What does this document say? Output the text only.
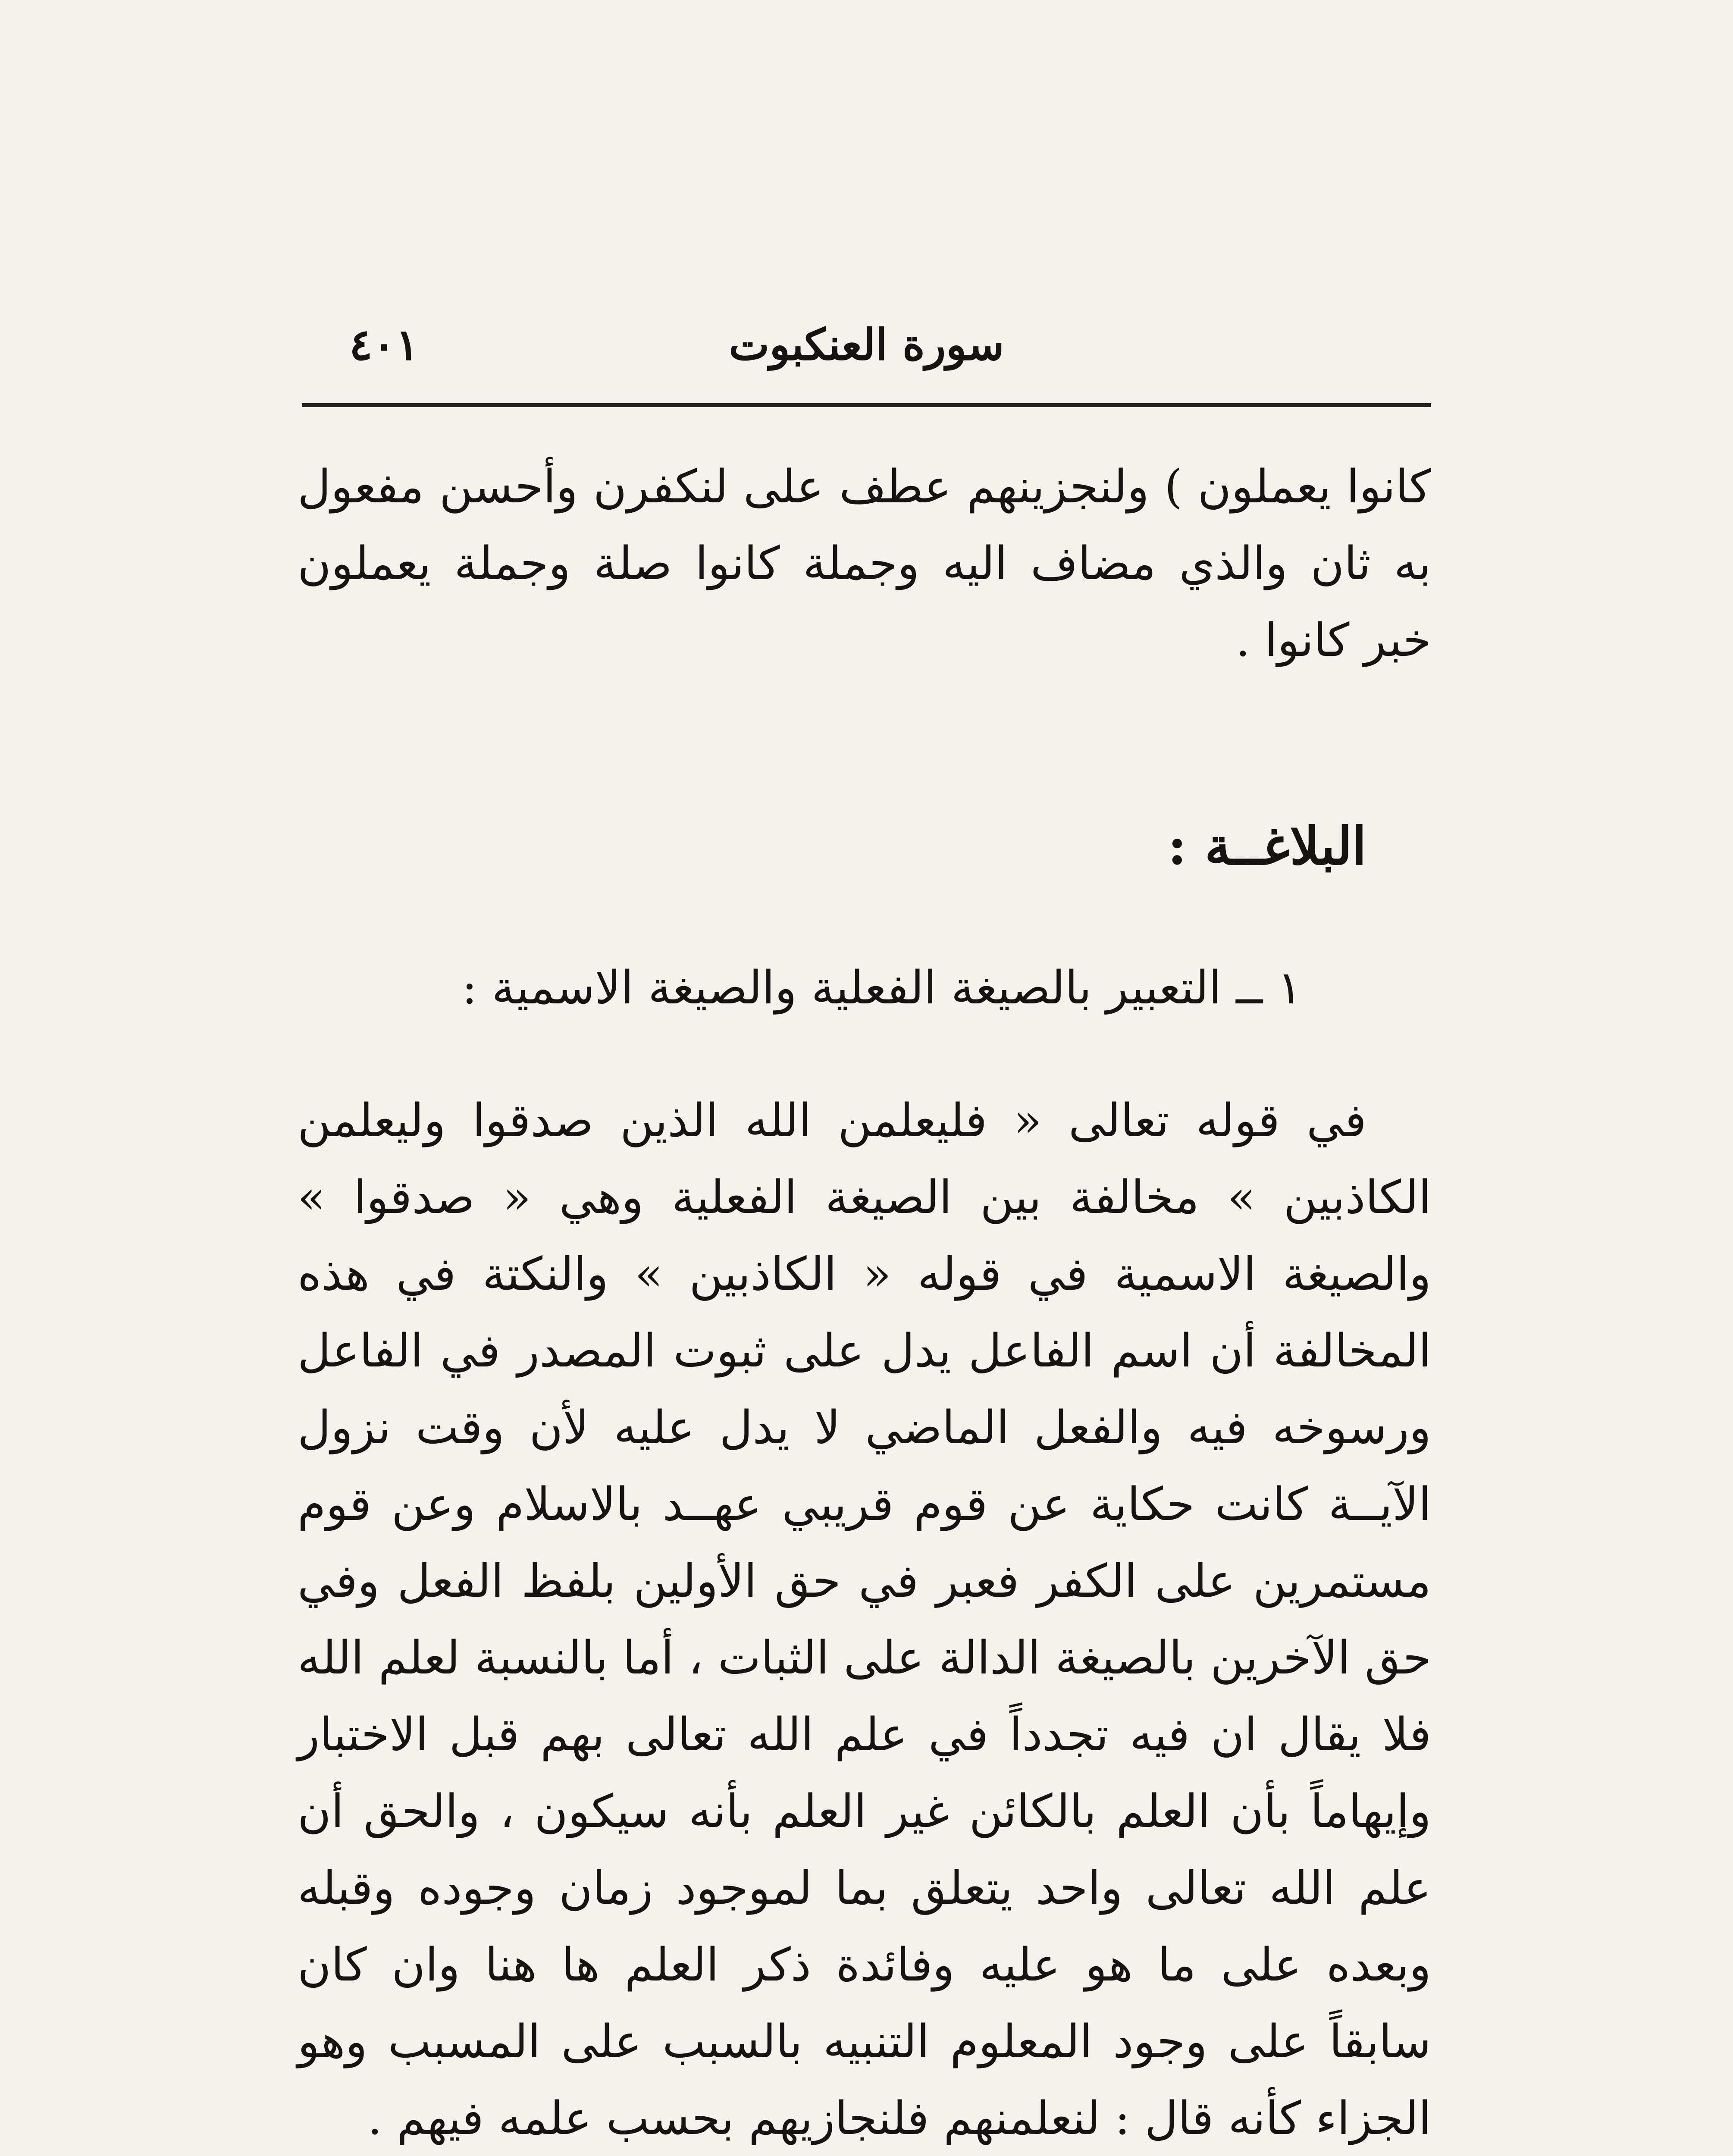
٤٠١	سورة العنكبوت

كانوا يعملون ) ولنجزينهم عطف على لنكفرن وأحسن مفعول به ثان والذي مضاف اليه وجملة كانوا صلة وجملة يعملون خبر كانوا .

البلاغــة :

١ ــ التعبير بالصيغة الفعلية والصيغة الاسمية :

في قوله تعالى « فليعلمن الله الذين صدقوا وليعلمن الكاذبين » مخالفة بين الصيغة الفعلية وهي « صدقوا » والصيغة الاسمية في قوله « الكاذبين » والنكتة في هذه المخالفة أن اسم الفاعل يدل على ثبوت المصدر في الفاعل ورسوخه فيه والفعل الماضي لا يدل عليه لأن وقت نزول الآيــة كانت حكاية عن قوم قريبي عهــد بالاسلام وعن قوم مستمرين على الكفر فعبر في حق الأولين بلفظ الفعل وفي حق الآخرين بالصيغة الدالة على الثبات ، أما بالنسبة لعلم الله فلا يقال ان فيه تجدداً في علم الله تعالى بهم قبل الاختبار وإيهاماً بأن العلم بالكائن غير العلم بأنه سيكون ، والحق أن علم الله تعالى واحد يتعلق بما لموجود زمان وجوده وقبله وبعده على ما هو عليه وفائدة ذكر العلم ها هنا وان كان سابقاً على وجود المعلوم التنبيه بالسبب على المسبب وهو الجزاء كأنه قال : لنعلمنهم فلنجازيهم بحسب علمه فيهم .
